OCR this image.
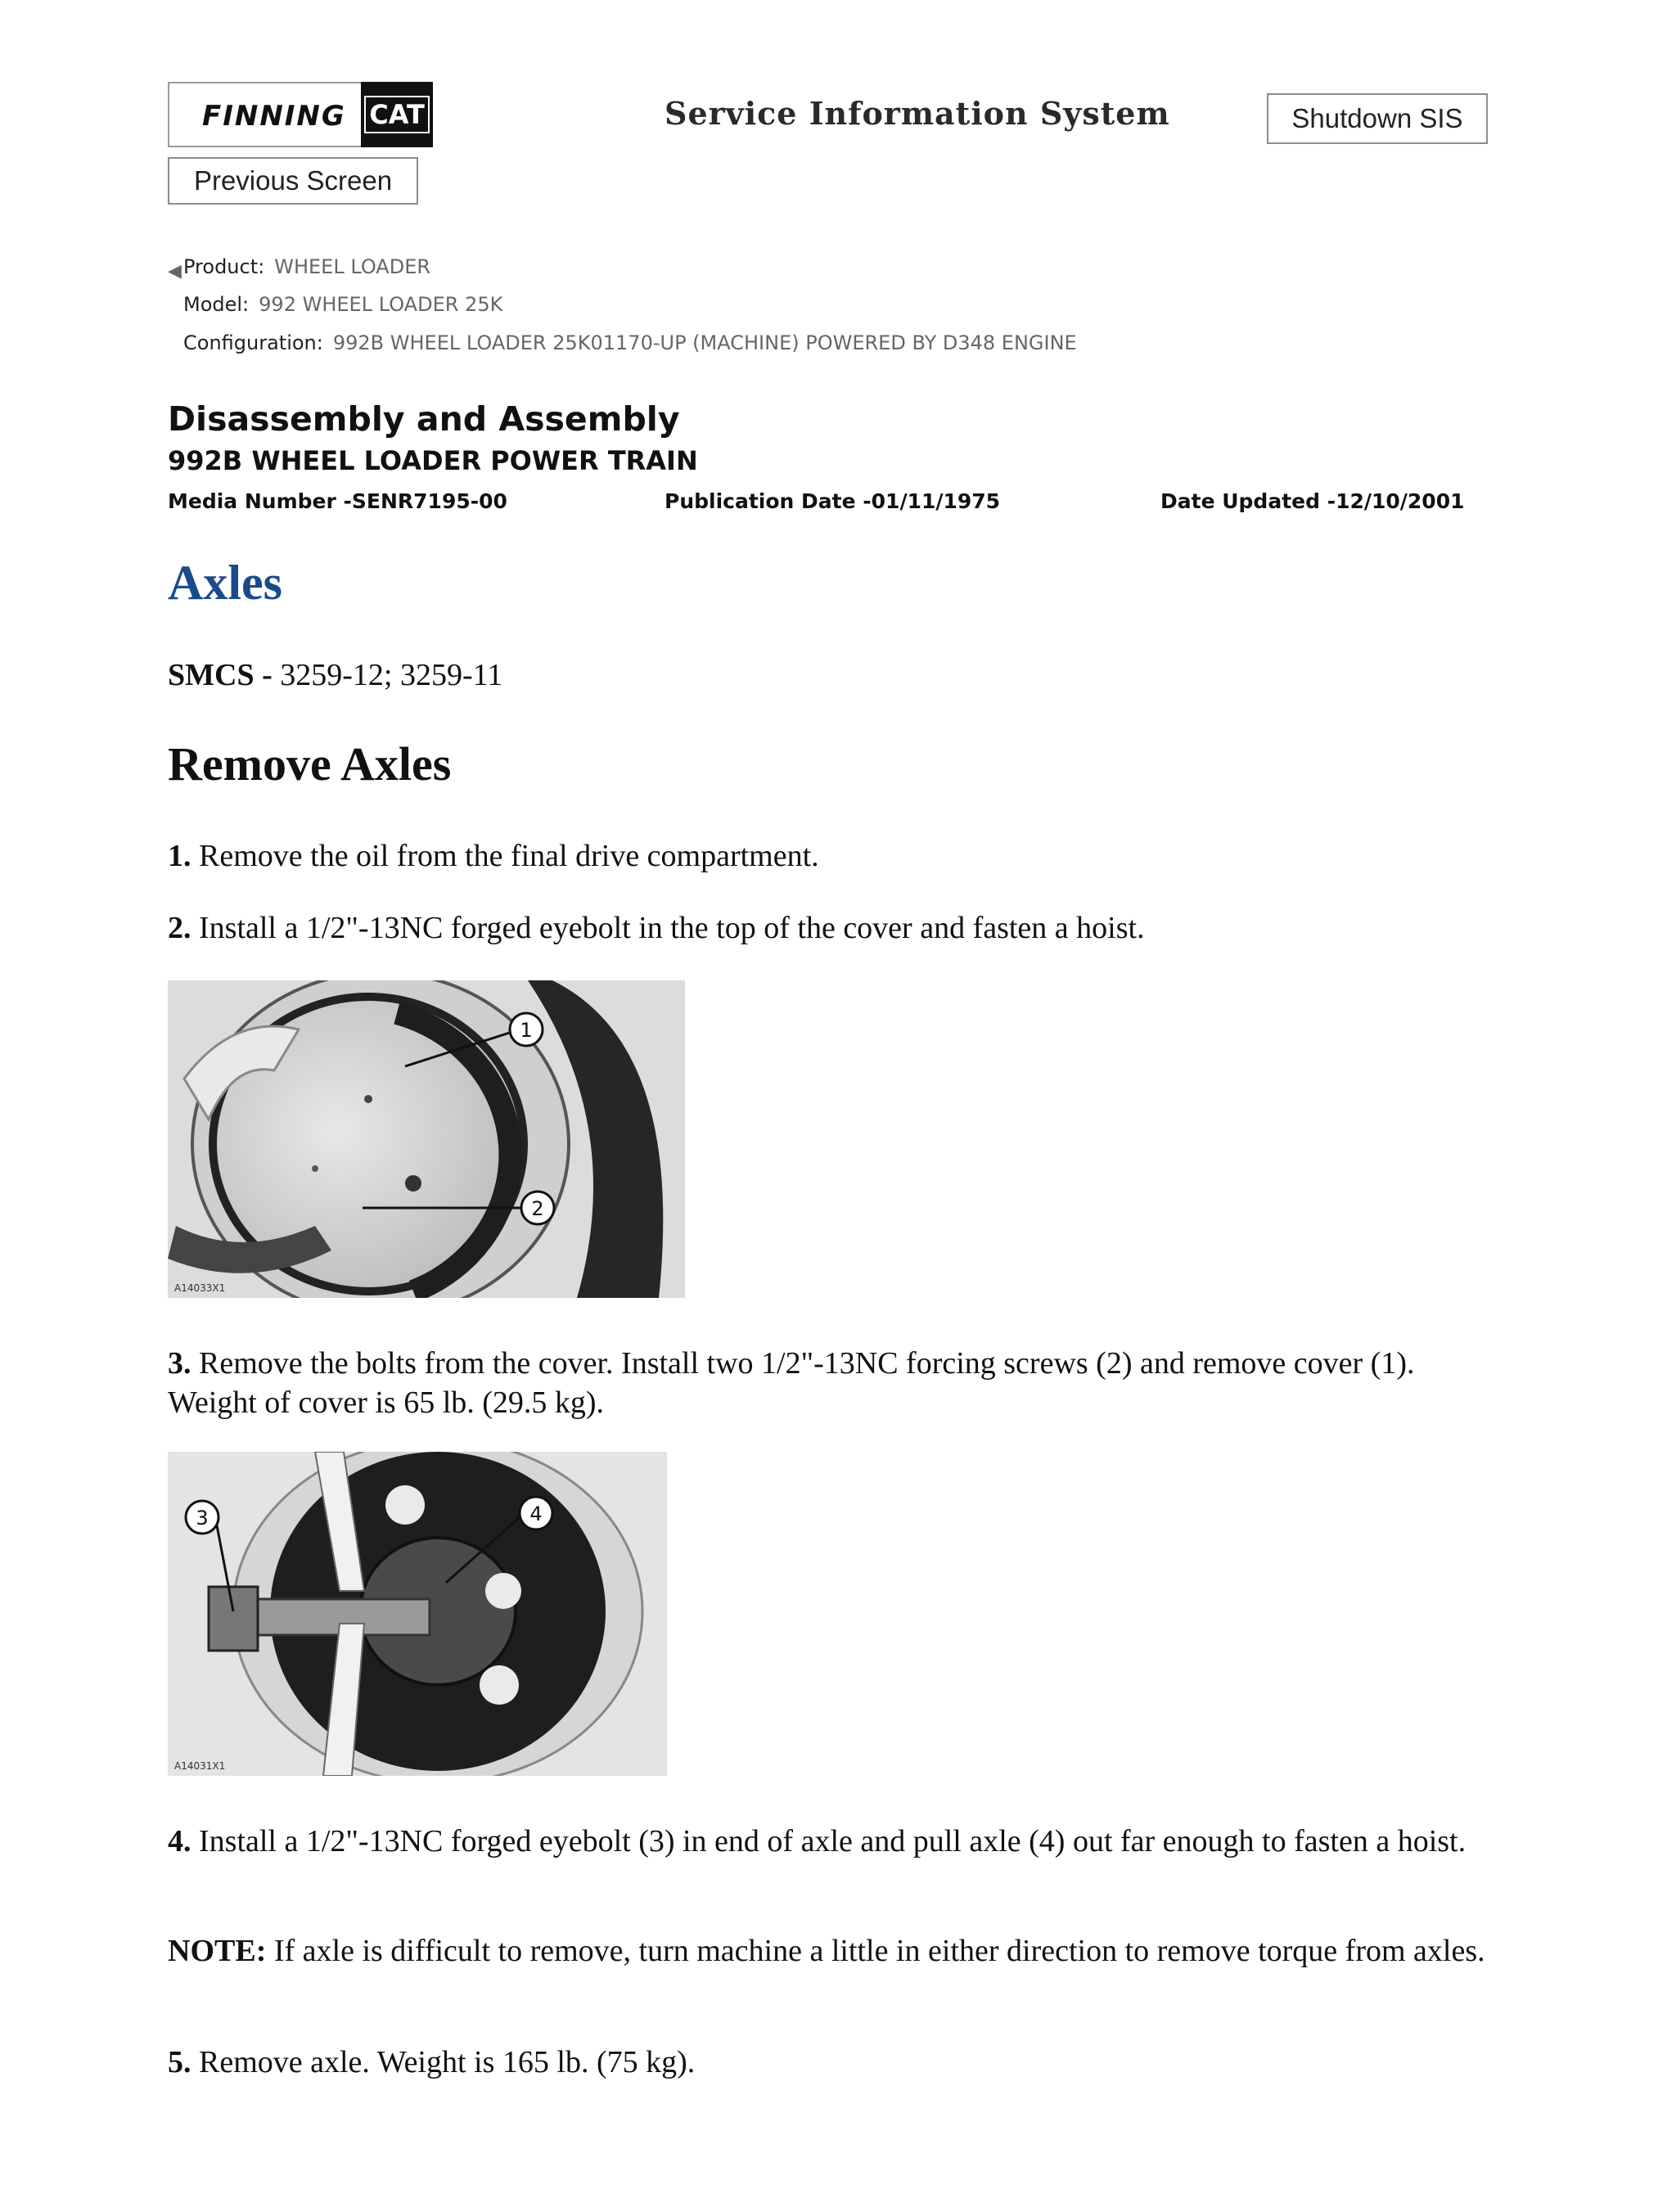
FINNING CAT	Service Information System	Shutdown SIS
Previous Screen
◀ Product: WHEEL LOADER
Model: 992 WHEEL LOADER 25K
Configuration: 992B WHEEL LOADER 25K01170-UP (MACHINE) POWERED BY D348 ENGINE
Disassembly and Assembly
992B WHEEL LOADER POWER TRAIN
Media Number -SENR7195-00	Publication Date -01/11/1975	Date Updated -12/10/2001
Axles
SMCS - 3259-12; 3259-11
Remove Axles
1. Remove the oil from the final drive compartment.
2. Install a 1/2"-13NC forged eyebolt in the top of the cover and fasten a hoist.
1
2
A14033X1
3. Remove the bolts from the cover. Install two 1/2"-13NC forcing screws (2) and remove cover (1). Weight of cover is 65 lb. (29.5 kg).
3	4
A14031X1
4. Install a 1/2"-13NC forged eyebolt (3) in end of axle and pull axle (4) out far enough to fasten a hoist.
NOTE: If axle is difficult to remove, turn machine a little in either direction to remove torque from axles.
5. Remove axle. Weight is 165 lb. (75 kg).
